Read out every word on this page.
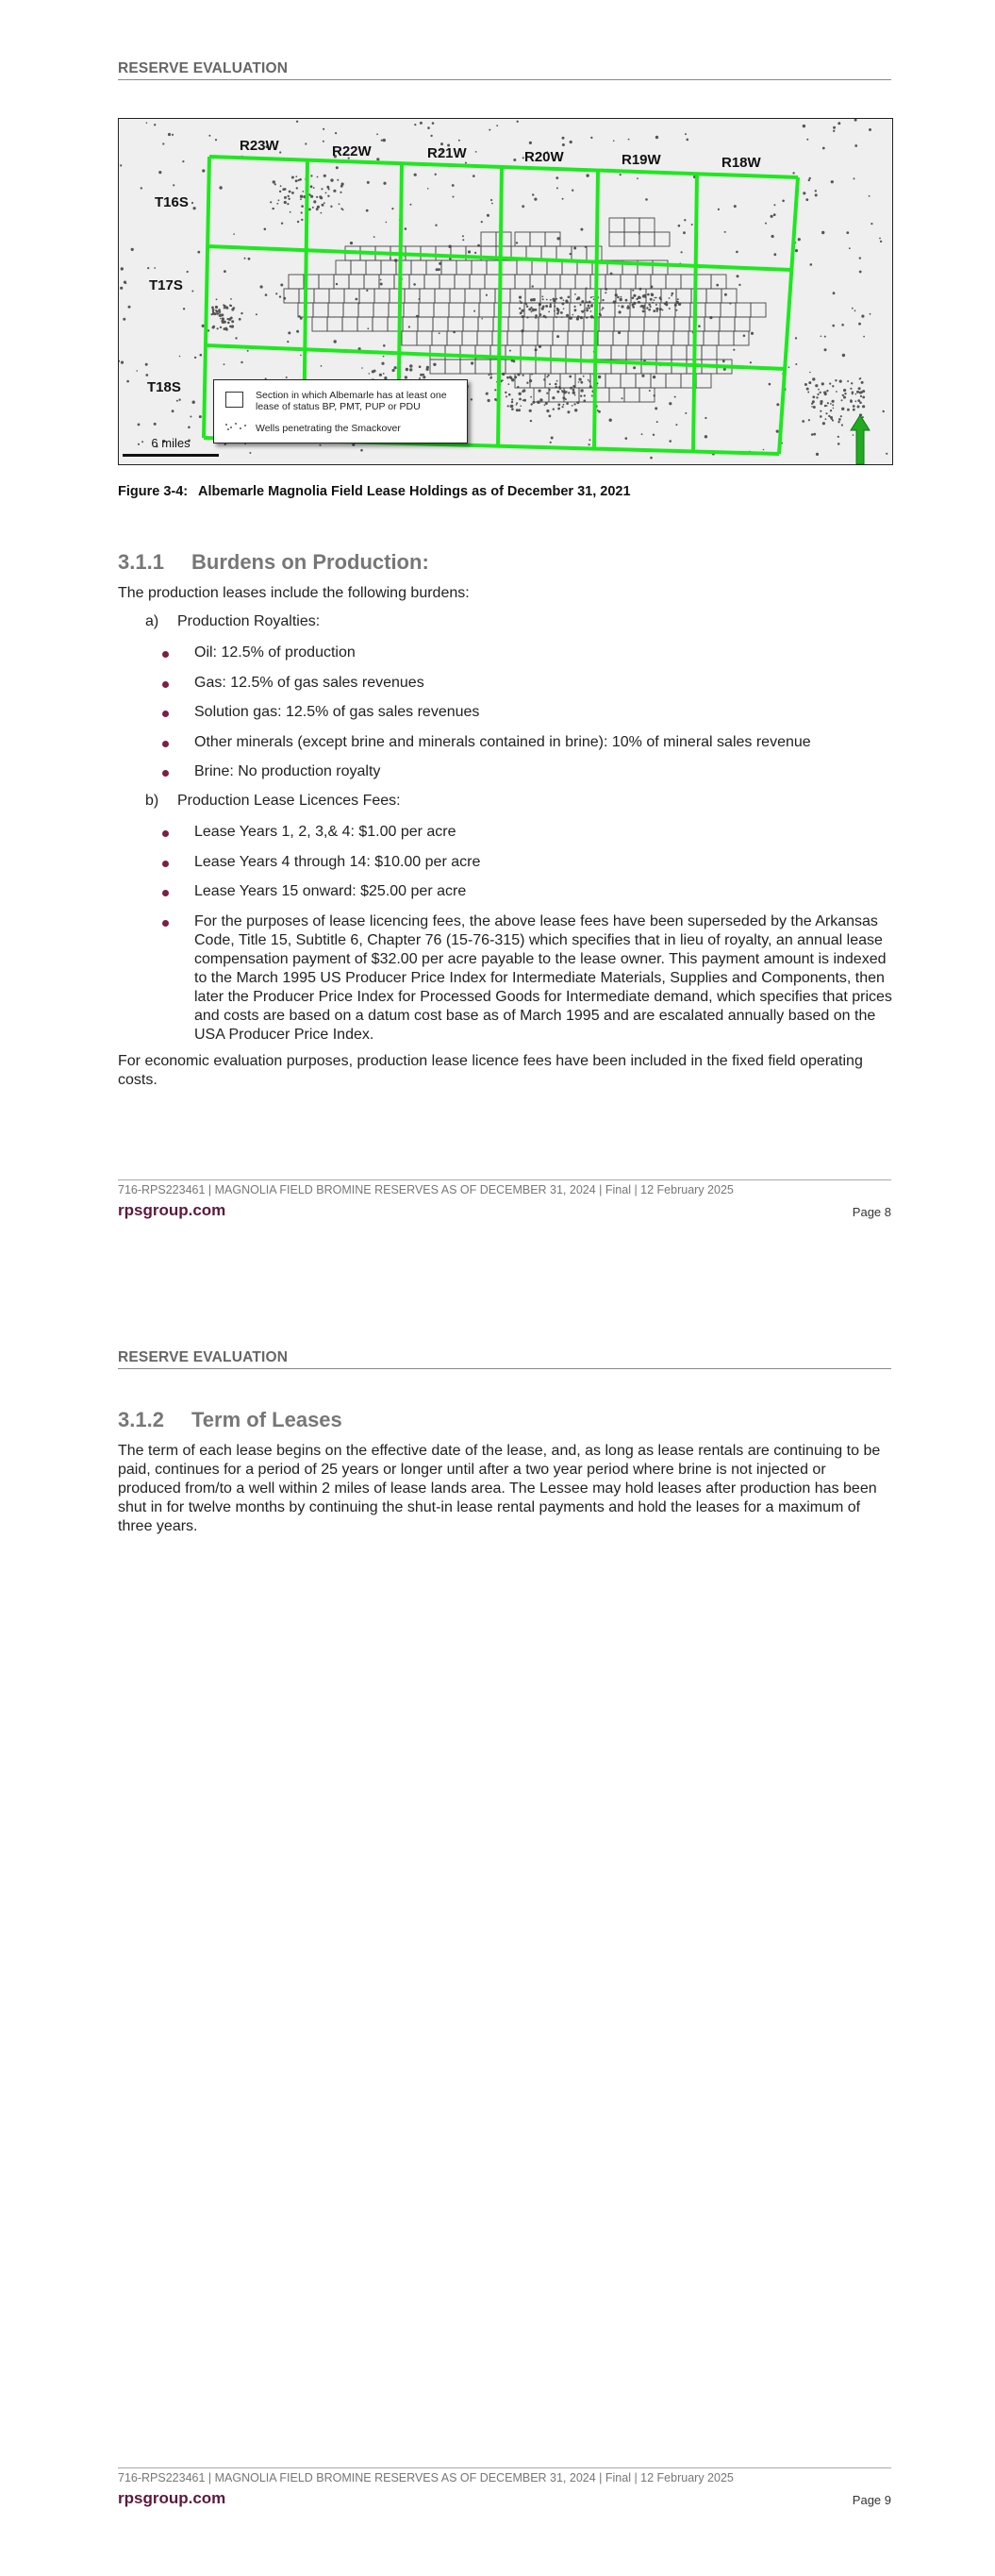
RESERVE EVALUATION
R23W	R22W	R21W	R20W	R19W	R18W
T16S
T17S
T18S	Section in which Albemarle has at least one lease of status BP, PMT, PUP or PDU
Wells penetrating the Smackover
6 miles
Figure 3-4: Albemarle Magnolia Field Lease Holdings as of December 31, 2021
3.1.1 Burdens on Production:

The production leases include the following burdens:

a) Production Royalties:
Oil: 12.5% of production
Gas: 12.5% of gas sales revenues
Solution gas: 12.5% of gas sales revenues
Other minerals (except brine and minerals contained in brine): 10% of mineral sales revenue
Brine: No production royalty
b) Production Lease Licences Fees:
Lease Years 1, 2, 3,& 4: $1.00 per acre
Lease Years 4 through 14: $10.00 per acre
Lease Years 15 onward: $25.00 per acre
For the purposes of lease licencing fees, the above lease fees have been superseded by the Arkansas Code, Title 15, Subtitle 6, Chapter 76 (15-76-315) which specifies that in lieu of royalty, an annual lease compensation payment of $32.00 per acre payable to the lease owner. This payment amount is indexed to the March 1995 US Producer Price Index for Intermediate Materials, Supplies and Components, then later the Producer Price Index for Processed Goods for Intermediate demand, which specifies that prices and costs are based on a datum cost base as of March 1995 and are escalated annually based on the USA Producer Price Index.

For economic evaluation purposes, production lease licence fees have been included in the fixed field operating costs.

716-RPS223461 | MAGNOLIA FIELD BROMINE RESERVES AS OF DECEMBER 31, 2024 | Final | 12 February 2025
rpsgroup.com	Page 8
RESERVE EVALUATION
3.1.2 Term of Leases

The term of each lease begins on the effective date of the lease, and, as long as lease rentals are continuing to be paid, continues for a period of 25 years or longer until after a two year period where brine is not injected or produced from/to a well within 2 miles of lease lands area. The Lessee may hold leases after production has been shut in for twelve months by continuing the shut-in lease rental payments and hold the leases for a maximum of three years.

716-RPS223461 | MAGNOLIA FIELD BROMINE RESERVES AS OF DECEMBER 31, 2024 | Final | 12 February 2025
rpsgroup.com	Page 9
